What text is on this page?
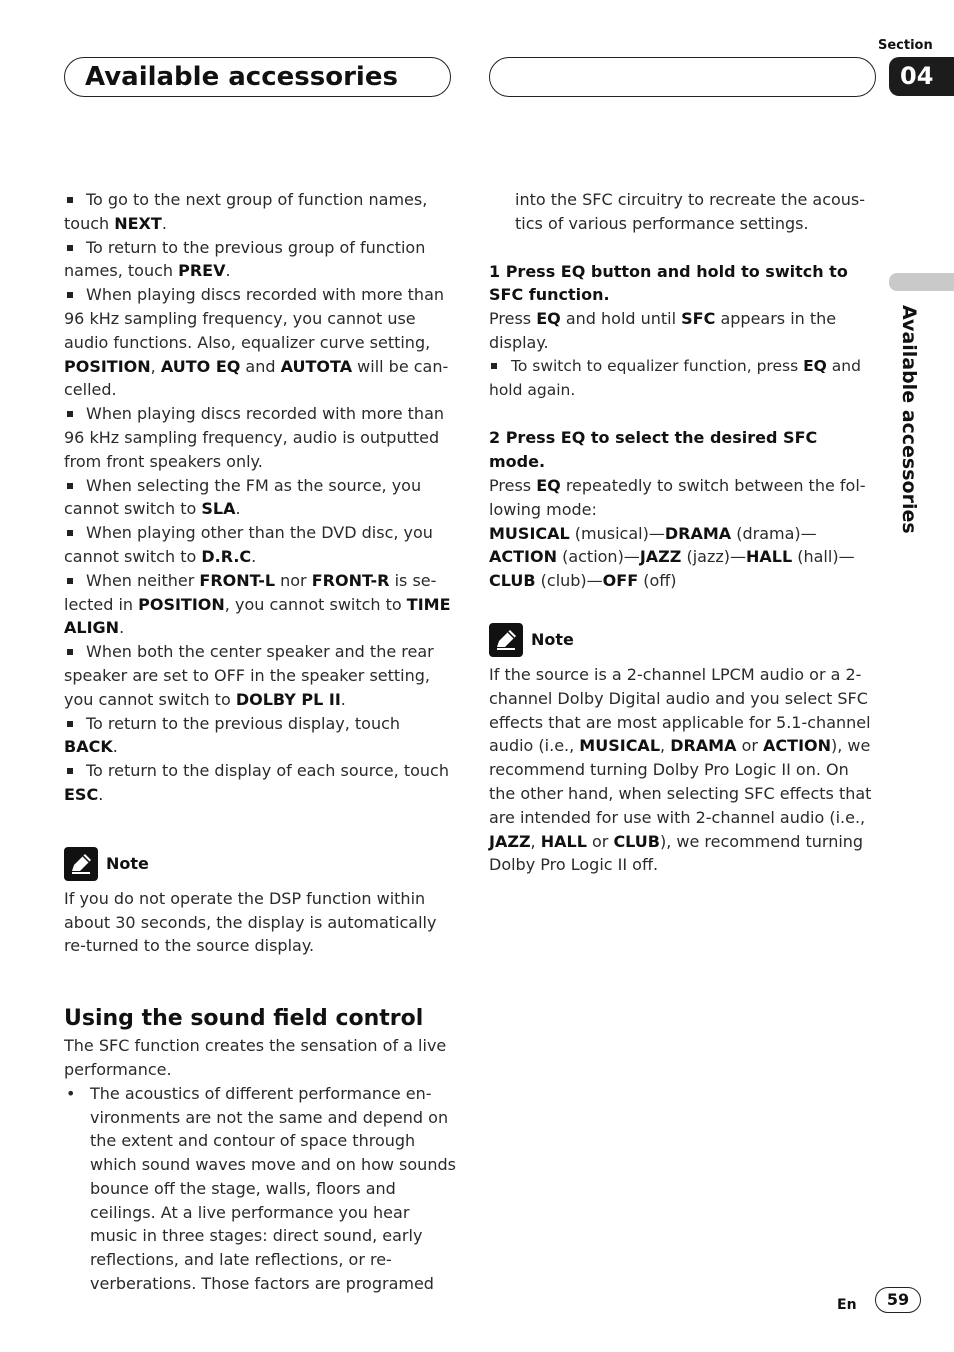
Available accessories
Section
04
Available accessories

To go to the next group of function names, touch NEXT.

To return to the previous group of function names, touch PREV.

When playing discs recorded with more than 96 kHz sampling frequency, you cannot use audio functions. Also, equalizer curve setting, POSITION, AUTO EQ and AUTOTA will be can-celled.

When playing discs recorded with more than 96 kHz sampling frequency, audio is outputted from front speakers only.

When selecting the FM as the source, you cannot switch to SLA.

When playing other than the DVD disc, you cannot switch to D.R.C.

When neither FRONT-L nor FRONT-R is se-lected in POSITION, you cannot switch to TIME ALIGN.

When both the center speaker and the rear speaker are set to OFF in the speaker setting, you cannot switch to DOLBY PL II.

To return to the previous display, touch BACK.

To return to the display of each source, touch ESC.

Note

If you do not operate the DSP function within about 30 seconds, the display is automatically re-turned to the source display.

Using the sound field control

The SFC function creates the sensation of a live performance.

• The acoustics of different performance en-vironments are not the same and depend on the extent and contour of space through which sound waves move and on how sounds bounce off the stage, walls, floors and ceilings. At a live performance you hear music in three stages: direct sound, early reflections, and late reflections, or re-verberations. Those factors are programed

into the SFC circuitry to recreate the acous-tics of various performance settings.

1 Press EQ button and hold to switch to SFC function.

Press EQ and hold until SFC appears in the display.

To switch to equalizer function, press EQ and hold again.

2 Press EQ to select the desired SFC mode.

Press EQ repeatedly to switch between the fol-lowing mode:

MUSICAL (musical)—DRAMA (drama)—ACTION (action)—JAZZ (jazz)—HALL (hall)—CLUB (club)—OFF (off)

Note

If the source is a 2-channel LPCM audio or a 2-channel Dolby Digital audio and you select SFC effects that are most applicable for 5.1-channel audio (i.e., MUSICAL, DRAMA or ACTION), we recommend turning Dolby Pro Logic II on. On the other hand, when selecting SFC effects that are intended for use with 2-channel audio (i.e., JAZZ, HALL or CLUB), we recommend turning Dolby Pro Logic II off.

En	59
